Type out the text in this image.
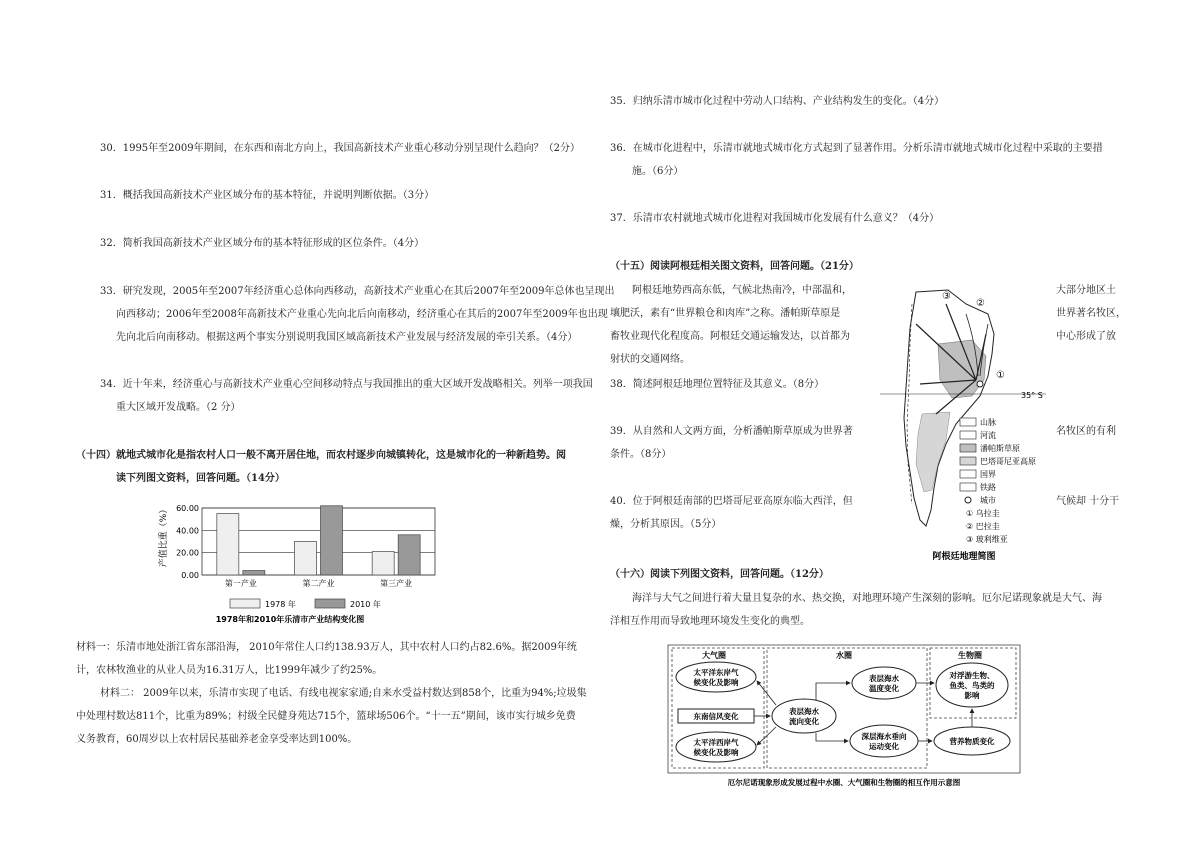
30．1995年至2009年期间，在东西和南北方向上，我国高新技术产业重心移动分别呈现什么趋向？（2分）

31．概括我国高新技术产业区域分布的基本特征，并说明判断依据。（3分）

32．简析我国高新技术产业区域分布的基本特征形成的区位条件。（4分）

33．研究发现，2005年至2007年经济重心总体向西移动，高新技术产业重心在其后2007年至2009年总体也呈现出

向西移动；2006年至2008年高新技术产业重心先向北后向南移动，经济重心在其后的2007年至2009年也出现

先向北后向南移动。根据这两个事实分别说明我国区域高新技术产业发展与经济发展的牵引关系。（4分）

34．近十年来，经济重心与高新技术产业重心空间移动特点与我国推出的重大区域开发战略相关。列举一项我国

重大区域开发战略。（2 分）

（十四）就地式城市化是指农村人口一般不离开居住地，而农村逐步向城镇转化，这是城市化的一种新趋势。阅

读下列图文资料，回答问题。（14分）

0.00
20.00
40.00
60.00
第一产业	第二产业	第三产业
产值比重（%）
1978 年	2010 年
1978年和2010年乐清市产业结构变化图

材料一：乐清市地处浙江省东部沿海， 2010年常住人口约138.93万人，其中农村人口约占82.6%。据2009年统

计，农林牧渔业的从业人员为16.31万人，比1999年减少了约25%。

材料二： 2009年以来，乐清市实现了电话、有线电视家家通;自来水受益村数达到858个，比重为94%;垃圾集

中处理村数达811个，比重为89%；村级全民健身苑达715个，篮球场506个。“十一五”期间，该市实行城乡免费

义务教育，60周岁以上农村居民基础养老金享受率达到100%。

35．归纳乐清市城市化过程中劳动人口结构、产业结构发生的变化。（4分）

36．在城市化进程中，乐清市就地式城市化方式起到了显著作用。分析乐清市就地式城市化过程中采取的主要措

施。（6分）

37．乐清市农村就地式城市化进程对我国城市化发展有什么意义？（4分）

（十五）阅读阿根廷相关图文资料，回答问题。（21分）

阿根廷地势西高东低，气候北热南冷，中部温和，

壤肥沃，素有“世界粮仓和肉库”之称。潘帕斯草原是

畜牧业现代化程度高。阿根廷交通运输发达，以首都为

射状的交通网络。

大部分地区土

世界著名牧区，

中心形成了放

38．简述阿根廷地理位置特征及其意义。（8分）

39．从自然和人文两方面，分析潘帕斯草原成为世界著

条件。（8分）

名牧区的有利

40．位于阿根廷南部的巴塔哥尼亚高原东临大西洋，但

燥，分析其原因。（5分）

气候却 十分干

35° S
①
②
③
山脉
河流
潘帕斯草原
巴塔哥尼亚高原
国界
铁路
城市
① 乌拉圭
② 巴拉圭
③ 玻利维亚
阿根廷地理简图

（十六）阅读下列图文资料，回答问题。（12分）

海洋与大气之间进行着大量且复杂的水、热交换，对地理环境产生深刻的影响。厄尔尼诺现象就是大气、海

洋相互作用而导致地理环境发生变化的典型。

大气圈	水圈	生物圈
太平洋东岸气
候变化及影响
东南信风变化
太平洋西岸气
候变化及影响
表层海水
流向变化
表层海水
温度变化
深层海水垂向
运动变化
对浮游生物、
鱼类、鸟类的
影响
营养物质变化
厄尔尼诺现象形成发展过程中水圈、大气圈和生物圈的相互作用示意图
